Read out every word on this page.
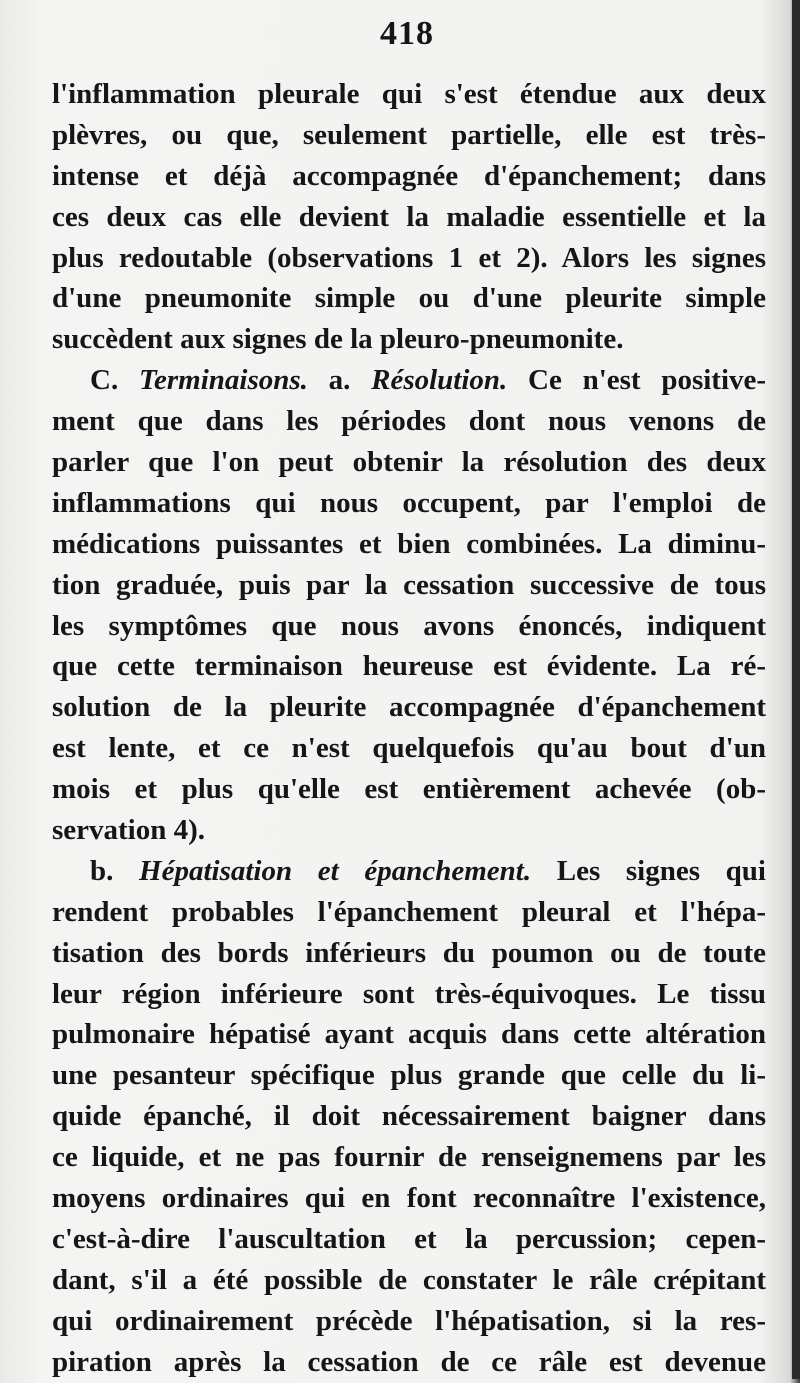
418
l'inflammation pleurale qui s'est étendue aux deux
plèvres, ou que, seulement partielle, elle est très-
intense et déjà accompagnée d'épanchement; dans
ces deux cas elle devient la maladie essentielle et la
plus redoutable (observations 1 et 2). Alors les signes
d'une pneumonite simple ou d'une pleurite simple
succèdent aux signes de la pleuro-pneumonite.
C. Terminaisons. a. Résolution. Ce n'est positive-
ment que dans les périodes dont nous venons de
parler que l'on peut obtenir la résolution des deux
inflammations qui nous occupent, par l'emploi de
médications puissantes et bien combinées. La diminu-
tion graduée, puis par la cessation successive de tous
les symptômes que nous avons énoncés, indiquent
que cette terminaison heureuse est évidente. La ré-
solution de la pleurite accompagnée d'épanchement
est lente, et ce n'est quelquefois qu'au bout d'un
mois et plus qu'elle est entièrement achevée (ob-
servation 4).
b. Hépatisation et épanchement. Les signes qui
rendent probables l'épanchement pleural et l'hépa-
tisation des bords inférieurs du poumon ou de toute
leur région inférieure sont très-équivoques. Le tissu
pulmonaire hépatisé ayant acquis dans cette altération
une pesanteur spécifique plus grande que celle du li-
quide épanché, il doit nécessairement baigner dans
ce liquide, et ne pas fournir de renseignemens par les
moyens ordinaires qui en font reconnaître l'existence,
c'est-à-dire l'auscultation et la percussion; cepen-
dant, s'il a été possible de constater le râle crépitant
qui ordinairement précède l'hépatisation, si la res-
piration après la cessation de ce râle est devenue
